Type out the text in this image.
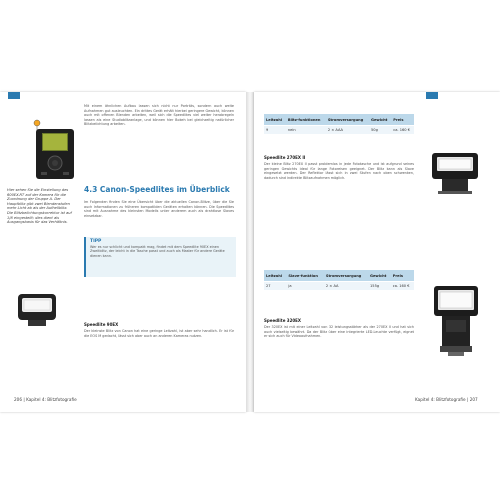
Mit einem ähnlichen Aufbau lassen sich nicht nur Porträts, sondern auch weite Aufnahmen gut ausleuchten. Ein drittes Gerät erhält hierbei geringere Gewicht, können auch mit offenen Blenden arbeiten, weil sich die Speedlites viel weiter herabregeln lassen als eine Studioblitzanlage, und können hier Bokeh bei gleichzeitig natürlicher Blitzbelichtung arbeiten.

Hier sehen Sie die Einstellung des 600EX-RT auf der Kamera für die Zuordnung der Gruppe A. Der Hauptblitz gibt zwei Blendenstufen mehr Licht ab als der Aufhellblitz. Die Blitzbelichtungskorrektur ist auf 1/8 eingestellt; dies dient als Ausgangsbasis für das Verhältnis.

4.3 Canon-Speedlites im Überblick

Im Folgenden finden Sie eine Übersicht über die aktuellen Canon-Blitze, über die Sie auch Informationen zu früheren kompatiblen Geräten erhalten können. Die Speedlites sind mit Ausnahme des kleinsten Modells unter anderem auch als drahtlose Slaves einsetzbar.

TIPP

Wer es nur schlicht und kompakt mag, findet mit dem Speedlite 90EX einen Zweitblitz, der leicht in die Tasche passt und auch als Master für andere Geräte dienen kann.

Speedlite 90EX

Der kleinste Blitz von Canon hat eine geringe Leitzahl, ist aber sehr handlich. Er ist für die EOS M gedacht, lässt sich aber auch an anderen Kameras nutzen.

206 | Kapitel 4: Blitzfotografie

Leitzahl	Blitz-funktionen	Stromversorgung	Gewicht	Preis
9	nein	2 × AAA	50g	ca. 160 €

Speedlite 270EX II

Der kleine Blitz 270EX II passt problemlos in jede Fototasche und ist aufgrund seines geringen Gewichts ideal für lange Fotoreisen geeignet. Der Blitz kann als Slave eingesetzt werden. Der Reflektor lässt sich in zwei Stufen nach oben schwenken, dadurch sind indirekte Blitzaufnahmen möglich.

Leitzahl	Slave-funktion	Stromversorgung	Gewicht	Preis
27	ja	2 × AA	155g	ca. 160 €

Speedlite 320EX

Der 320EX ist mit einer Leitzahl von 32 leistungsstärker als der 270EX II und hat sich auch vielseitig bewährt. Da der Blitz über eine integrierte LED-Leuchte verfügt, eignet er sich auch für Videoaufnahmen.

Kapitel 4: Blitzfotografie | 207
